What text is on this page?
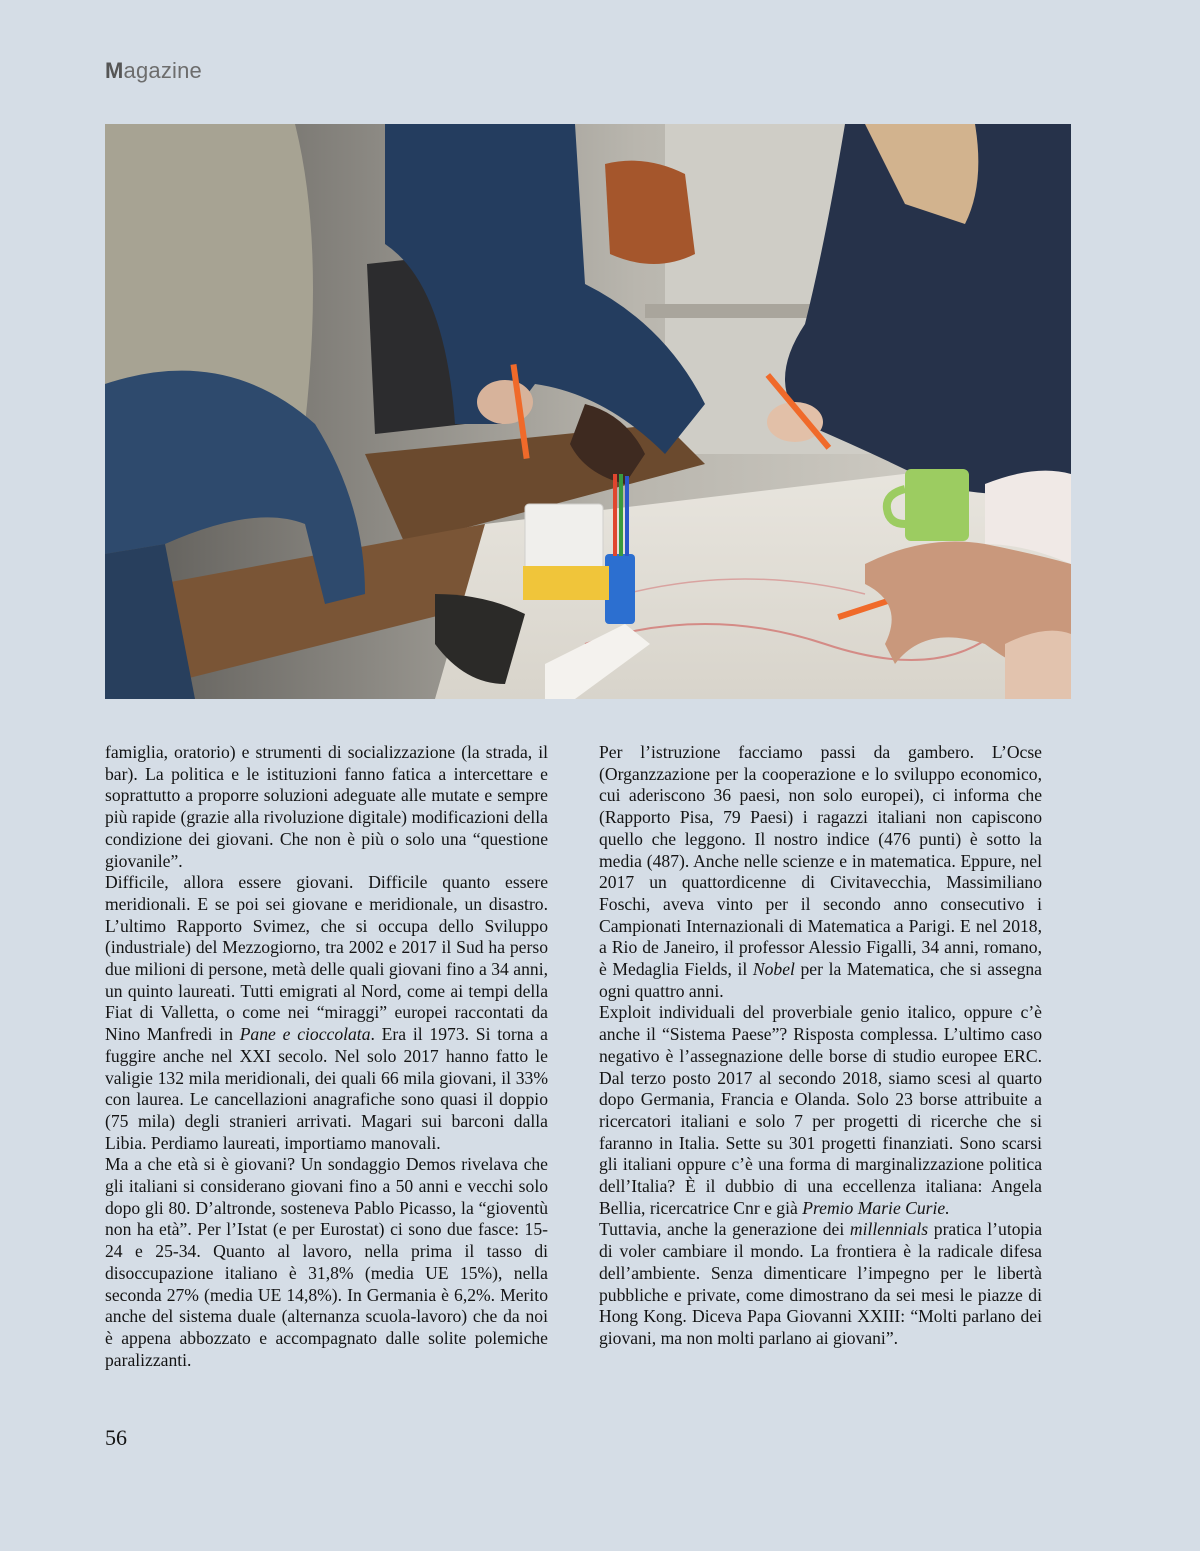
Magazine

famiglia, oratorio) e strumenti di socializzazione (la strada, il bar). La politica e le istituzioni fanno fatica a intercettare e soprattutto a proporre soluzioni adeguate alle mutate e sempre più rapide (grazie alla rivoluzione digitale) modificazioni della condizione dei giovani. Che non è più o solo una “questione giovanile”.

Difficile, allora essere giovani. Difficile quanto essere meridionali. E se poi sei giovane e meridionale, un disastro. L’ultimo Rapporto Svimez, che si occupa dello Sviluppo (industriale) del Mezzogiorno, tra 2002 e 2017 il Sud ha perso due milioni di persone, metà delle quali giovani fino a 34 anni, un quinto laureati. Tutti emigrati al Nord, come ai tempi della Fiat di Valletta, o come nei “miraggi” europei raccontati da Nino Manfredi in Pane e cioccolata. Era il 1973. Si torna a fuggire anche nel XXI secolo. Nel solo 2017 hanno fatto le valigie 132 mila meridionali, dei quali 66 mila giovani, il 33% con laurea. Le cancellazioni anagrafiche sono quasi il doppio (75 mila) degli stranieri arrivati. Magari sui barconi dalla Libia. Perdiamo laureati, importiamo manovali.

Ma a che età si è giovani? Un sondaggio Demos rivelava che gli italiani si considerano giovani fino a 50 anni e vecchi solo dopo gli 80. D’altronde, sosteneva Pablo Picasso, la “gioventù non ha età”. Per l’Istat (e per Eurostat) ci sono due fasce: 15-24 e 25-34. Quanto al lavoro, nella prima il tasso di disoccupazione italiano è 31,8% (media UE 15%), nella seconda 27% (media UE 14,8%). In Germania è 6,2%. Merito anche del sistema duale (alternanza scuola-lavoro) che da noi è appena abbozzato e accompagnato dalle solite polemiche paralizzanti.

Per l’istruzione facciamo passi da gambero. L’Ocse (Organzzazione per la cooperazione e lo sviluppo economico, cui aderiscono 36 paesi, non solo europei), ci informa che (Rapporto Pisa, 79 Paesi) i ragazzi italiani non capiscono quello che leggono. Il nostro indice (476 punti) è sotto la media (487). Anche nelle scienze e in matematica. Eppure, nel 2017 un quattordicenne di Civitavecchia, Massimiliano Foschi, aveva vinto per il secondo anno consecutivo i Campionati Internazionali di Matematica a Parigi. E nel 2018, a Rio de Janeiro, il professor Alessio Figalli, 34 anni, romano, è Medaglia Fields, il Nobel per la Matematica, che si assegna ogni quattro anni.

Exploit individuali del proverbiale genio italico, oppure c’è anche il “Sistema Paese”? Risposta complessa. L’ultimo caso negativo è l’assegnazione delle borse di studio europee ERC. Dal terzo posto 2017 al secondo 2018, siamo scesi al quarto dopo Germania, Francia e Olanda. Solo 23 borse attribuite a ricercatori italiani e solo 7 per progetti di ricerche che si faranno in Italia. Sette su 301 progetti finanziati. Sono scarsi gli italiani oppure c’è una forma di marginalizzazione politica dell’Italia? È il dubbio di una eccellenza italiana: Angela Bellia, ricercatrice Cnr e già Premio Marie Curie.

Tuttavia, anche la generazione dei millennials pratica l’utopia di voler cambiare il mondo. La frontiera è la radicale difesa dell’ambiente. Senza dimenticare l’impegno per le libertà pubbliche e private, come dimostrano da sei mesi le piazze di Hong Kong. Diceva Papa Giovanni XXIII: “Molti parlano dei giovani, ma non molti parlano ai giovani”.

56
